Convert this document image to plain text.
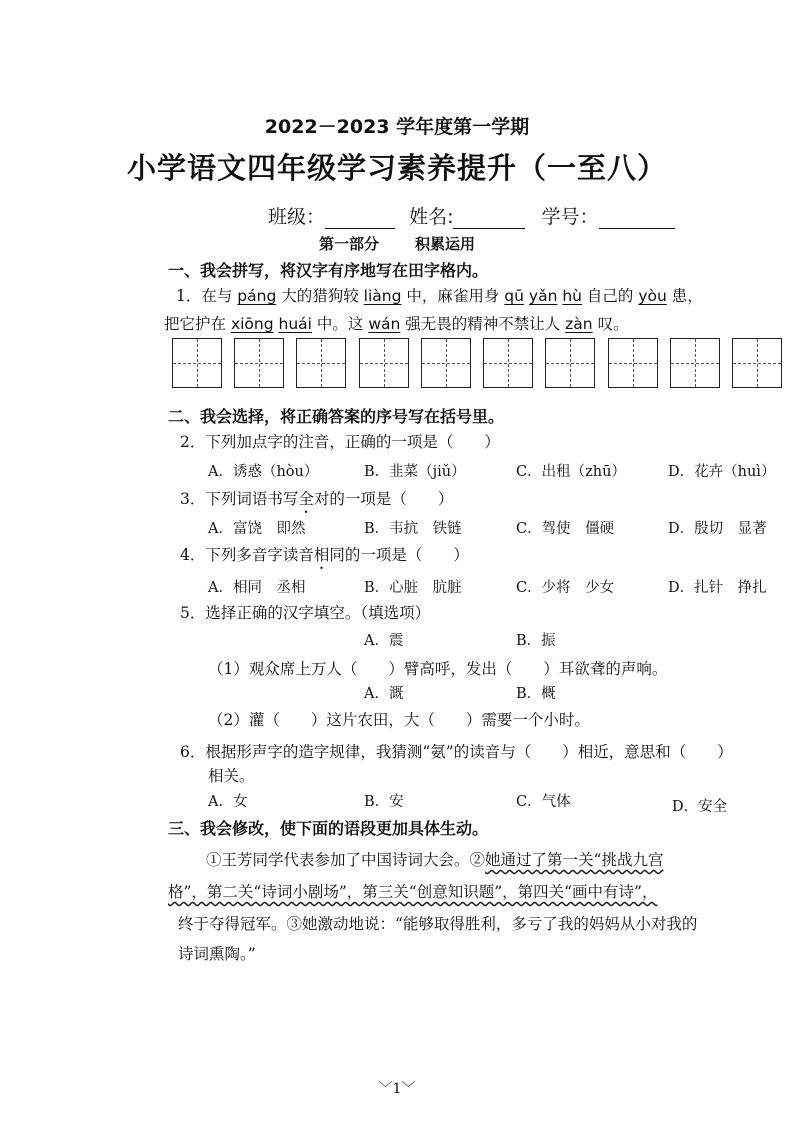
2022－2023 学年度第一学期
小学语文四年级学习素养提升（一至八）
班级：	姓名:	学号：
第一部分 积累运用
一、我会拼写，将汉字有序地写在田字格内。
1．在与 páng 大的猎狗较 liàng 中，麻雀用身 qū yǎn hù 自己的 yòu 患，
把它护在 xiōng huái 中。这 wán 强无畏的精神不禁让人 zàn 叹。
二、我会选择，将正确答案的序号写在括号里。
2．下列加点字的注音，正确的一项是（　　）
A．诱惑（hòu）	B．韭菜（jiǔ）	C．出租（zhū）	D．花卉（huì）
3．下列词语书写全对的一项是（　　）
A．富饶　即然	B．韦抗　铁链	C．驾使　僵硬	D．殷切　显著
4．下列多音字读音相同的一项是（　　）
A．相同　丞相	B．心脏　肮脏	C．少将　少女	D．扎针　挣扎
5．选择正确的汉字填空。（填选项）
A．震	B．振
（1）观众席上万人（　　）臂高呼，发出（　　）耳欲聋的声响。
A．溉	B．概
（2）灌（　　）这片农田，大（　　）需要一个小时。
6．根据形声字的造字规律，我猜测“氨”的读音与（　　）相近，意思和（　　）
相关。
A．女	B．安	C．气体	D．安全
三、我会修改，使下面的语段更加具体生动。
①王芳同学代表参加了中国诗词大会。②她通过了第一关“挑战九宫
格”，第二关“诗词小剧场”，第三关“创意知识题”，第四关“画中有诗”，
终于夺得冠军。③她激动地说：“能够取得胜利，多亏了我的妈妈从小对我的
诗词熏陶。”
﹀1﹀
